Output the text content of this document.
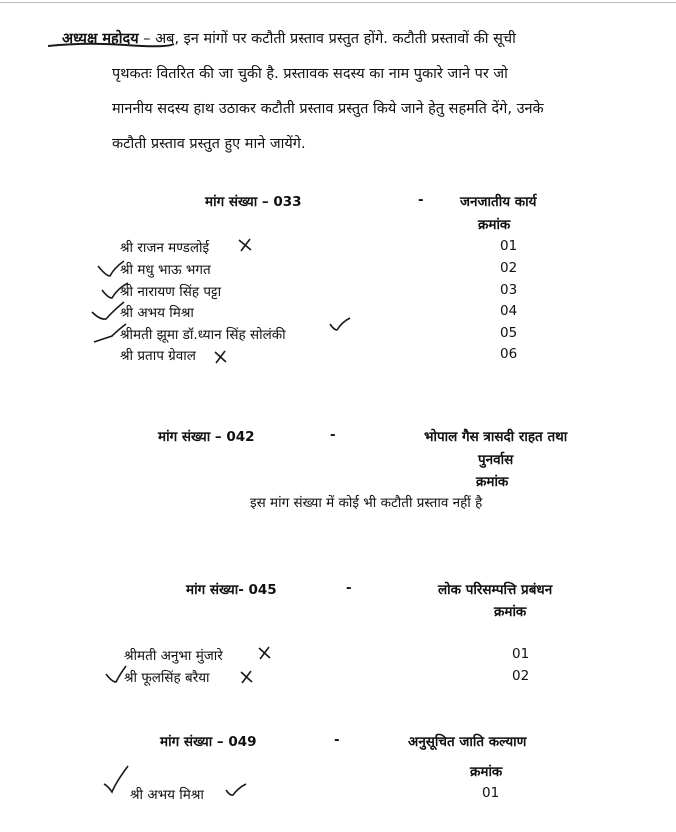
अध्यक्ष महोदय – अब, इन मांगों पर कटौती प्रस्ताव प्रस्तुत होंगे. कटौती प्रस्तावों की सूची
पृथकतः वितरित की जा चुकी है. प्रस्तावक सदस्य का नाम पुकारे जाने पर जो
माननीय सदस्य हाथ उठाकर कटौती प्रस्ताव प्रस्तुत किये जाने हेतु सहमति देंगे, उनके
कटौती प्रस्ताव प्रस्तुत हुए माने जायेंगे.
मांग संख्या – 033	-	जनजातीय कार्य
क्रमांक
श्री राजन मण्डलोई	01
श्री मधु भाऊ भगत	02
श्री नारायण सिंह पट्टा	03
श्री अभय मिश्रा	04
श्रीमती झूमा डॉ.ध्यान सिंह सोलंकी	05
श्री प्रताप ग्रेवाल	06
मांग संख्या – 042	-	भोपाल गैस त्रासदी राहत तथा
पुनर्वास
क्रमांक
इस मांग संख्या में कोई भी कटौती प्रस्ताव नहीं है
मांग संख्या- 045	-	लोक परिसम्पत्ति प्रबंधन
क्रमांक
श्रीमती अनुभा मुंजारे	01
श्री फूलसिंह बरैया	02
मांग संख्या – 049	-	अनुसूचित जाति कल्याण
क्रमांक
श्री अभय मिश्रा	01
